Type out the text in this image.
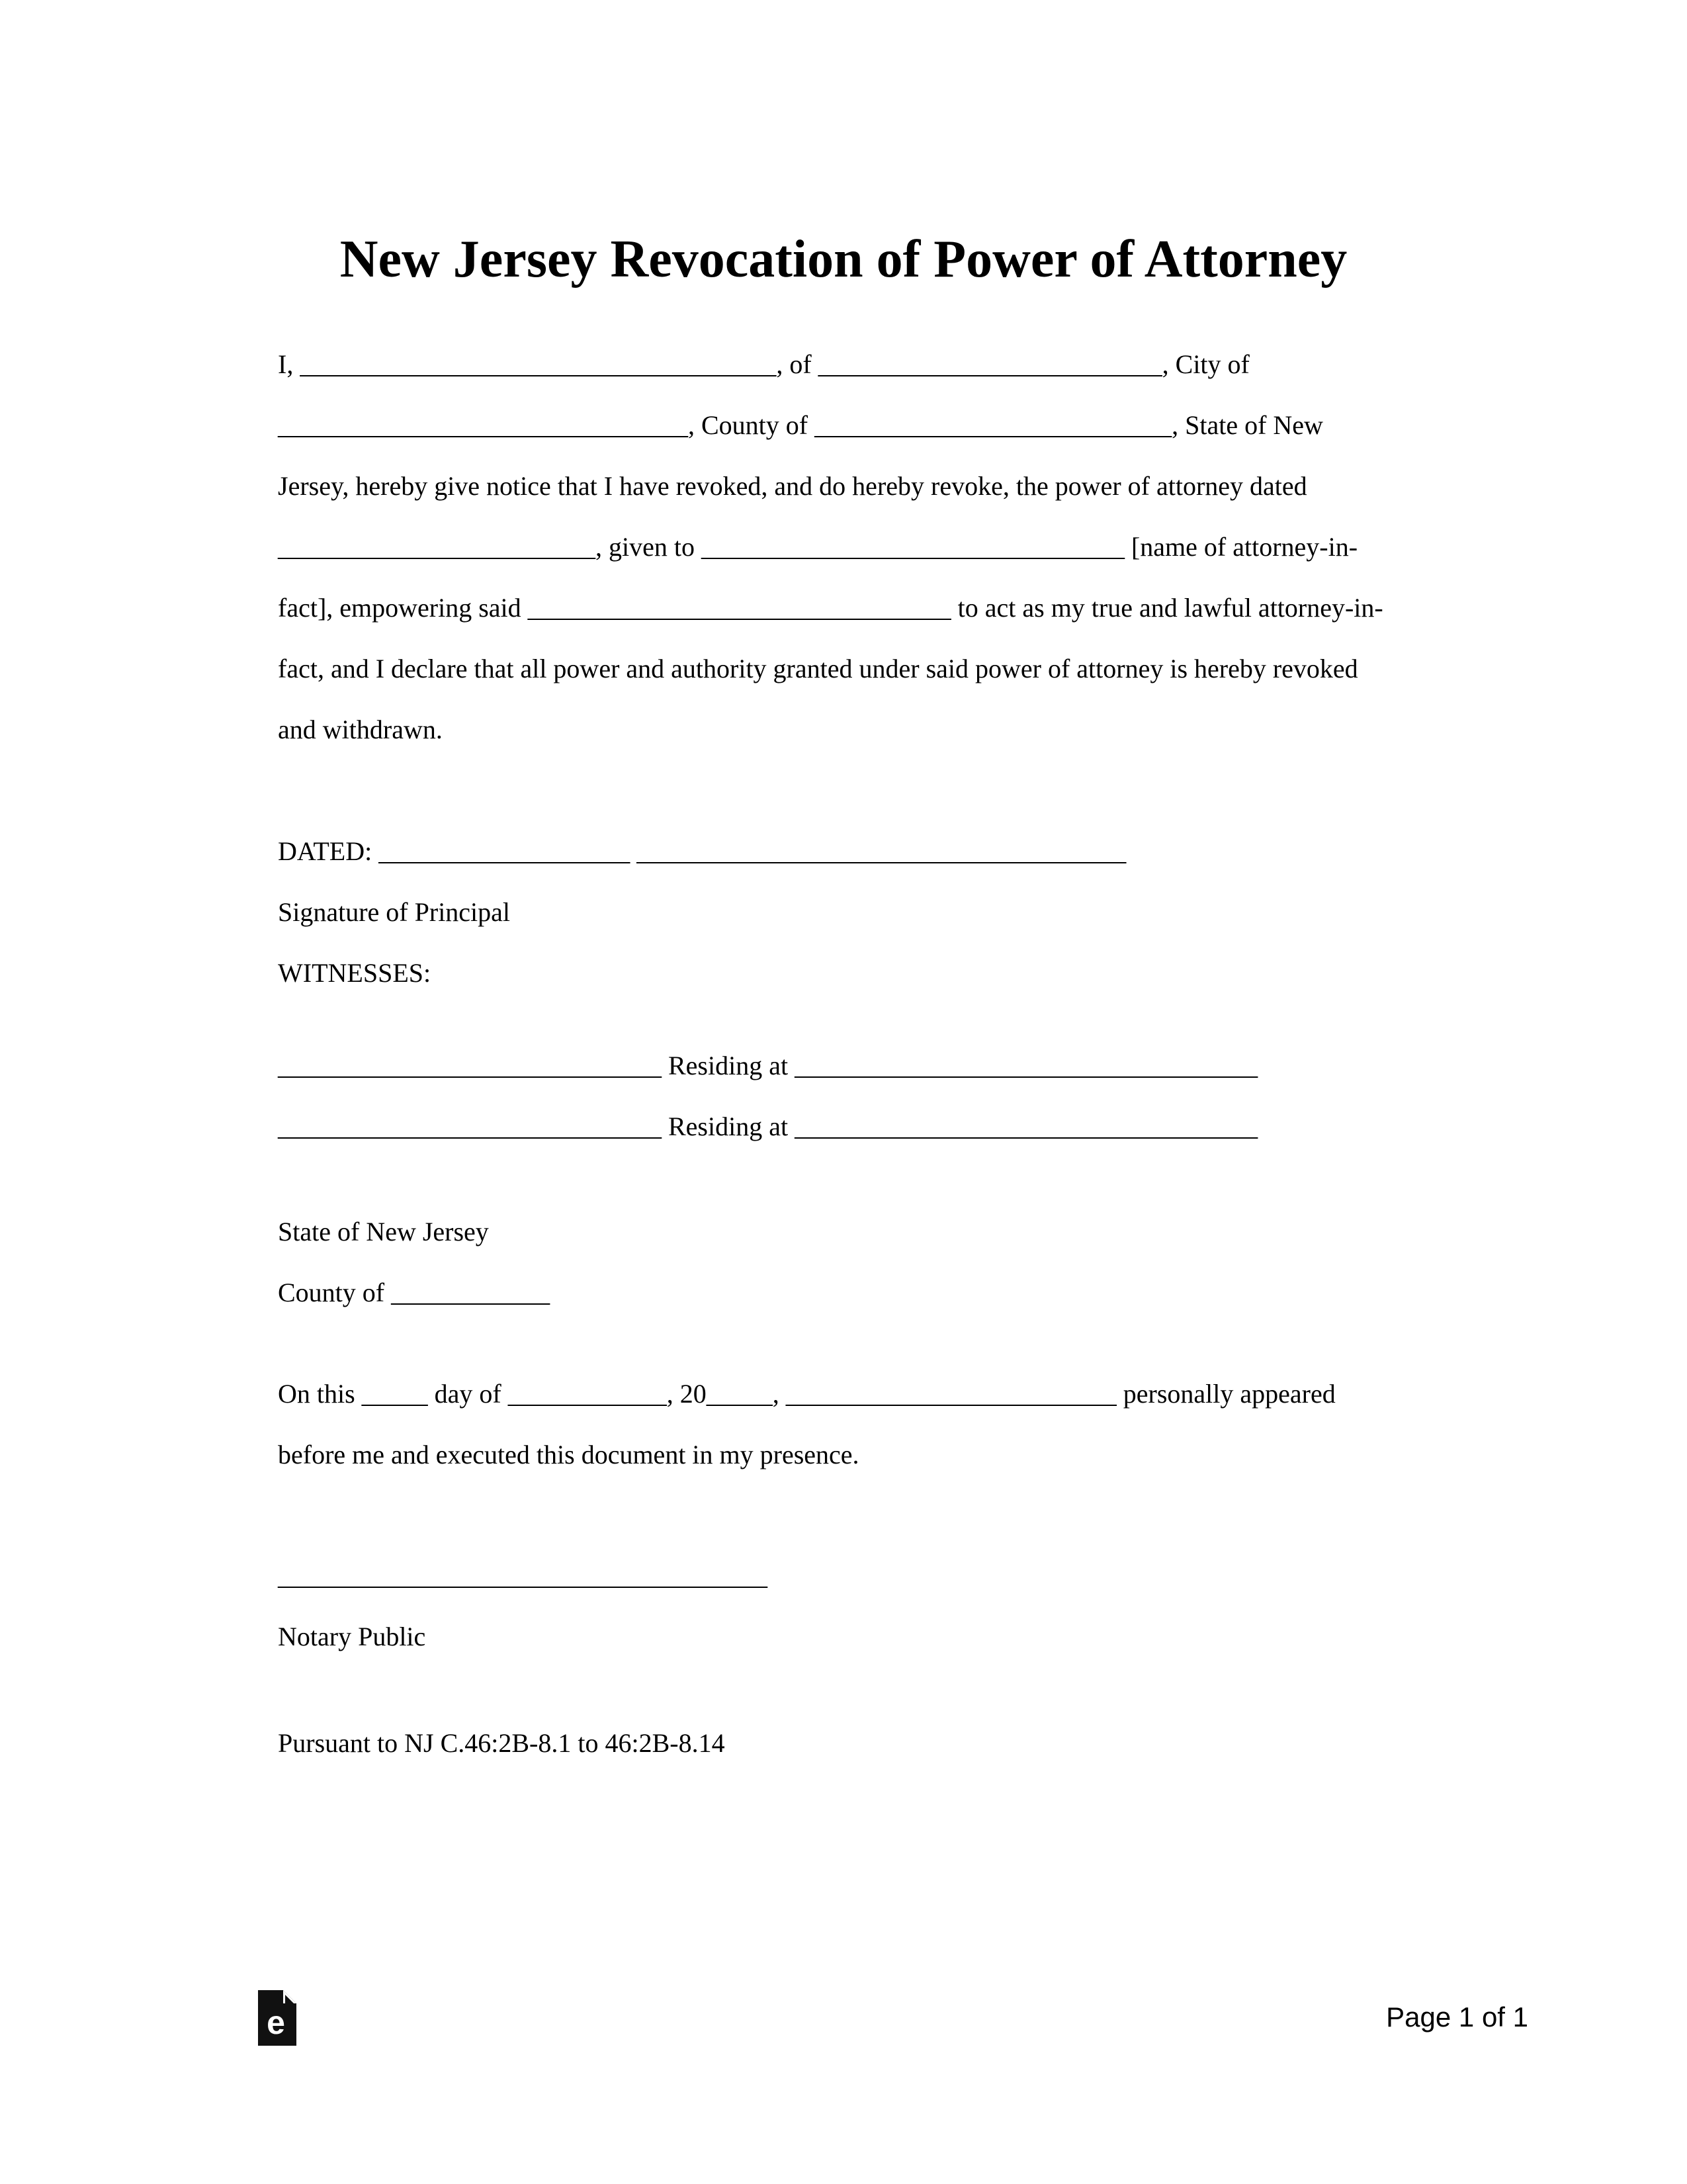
New Jersey Revocation of Power of Attorney
I, ____________________________________, of __________________________, City of
_______________________________, County of ___________________________, State of New
Jersey, hereby give notice that I have revoked, and do hereby revoke, the power of attorney dated
________________________, given to ________________________________ [name of attorney-in-
fact], empowering said ________________________________ to act as my true and lawful attorney-in-
fact, and I declare that all power and authority granted under said power of attorney is hereby revoked
and withdrawn.
DATED: ___________________ _____________________________________
Signature of Principal
WITNESSES:
_____________________________ Residing at ___________________________________
_____________________________ Residing at ___________________________________
State of New Jersey
County of ____________
On this _____ day of ____________, 20_____, _________________________ personally appeared
before me and executed this document in my presence.
_____________________________________
Notary Public
Pursuant to NJ C.46:2B-8.1 to 46:2B-8.14
e	Page 1 of 1
